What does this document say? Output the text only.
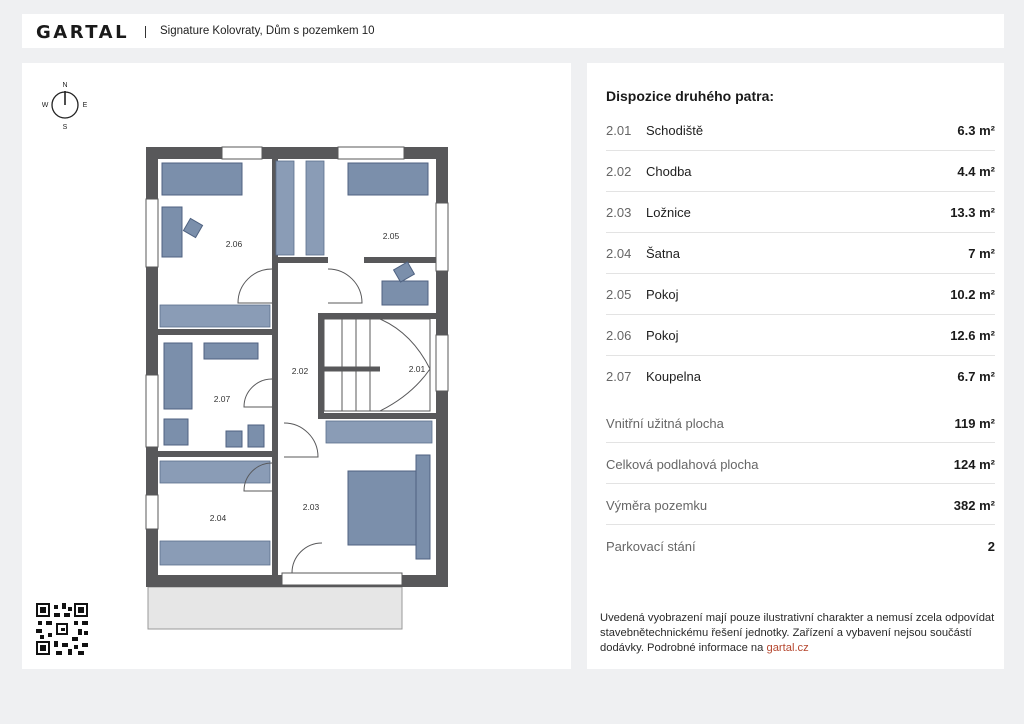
GARTAL	Signature Kolovraty, Dům s pozemkem 10
N
S
W	E
2.06
2.05
2.02	2.01
2.07
2.04
2.03
Dispozice druhého patra:
2.01 Schodiště	6.3 m²
2.02 Chodba	4.4 m²
2.03 Ložnice	13.3 m²
2.04 Šatna	7 m²
2.05 Pokoj	10.2 m²
2.06 Pokoj	12.6 m²
2.07 Koupelna	6.7 m²
Vnitřní užitná plocha	119 m²
Celková podlahová plocha	124 m²
Výměra pozemku	382 m²
Parkovací stání	2
Uvedená vyobrazení mají pouze ilustrativní charakter a nemusí zcela odpovídat stavebnětechnickému řešení jednotky. Zařízení a vybavení nejsou součástí dodávky. Podrobné informace na gartal.cz
